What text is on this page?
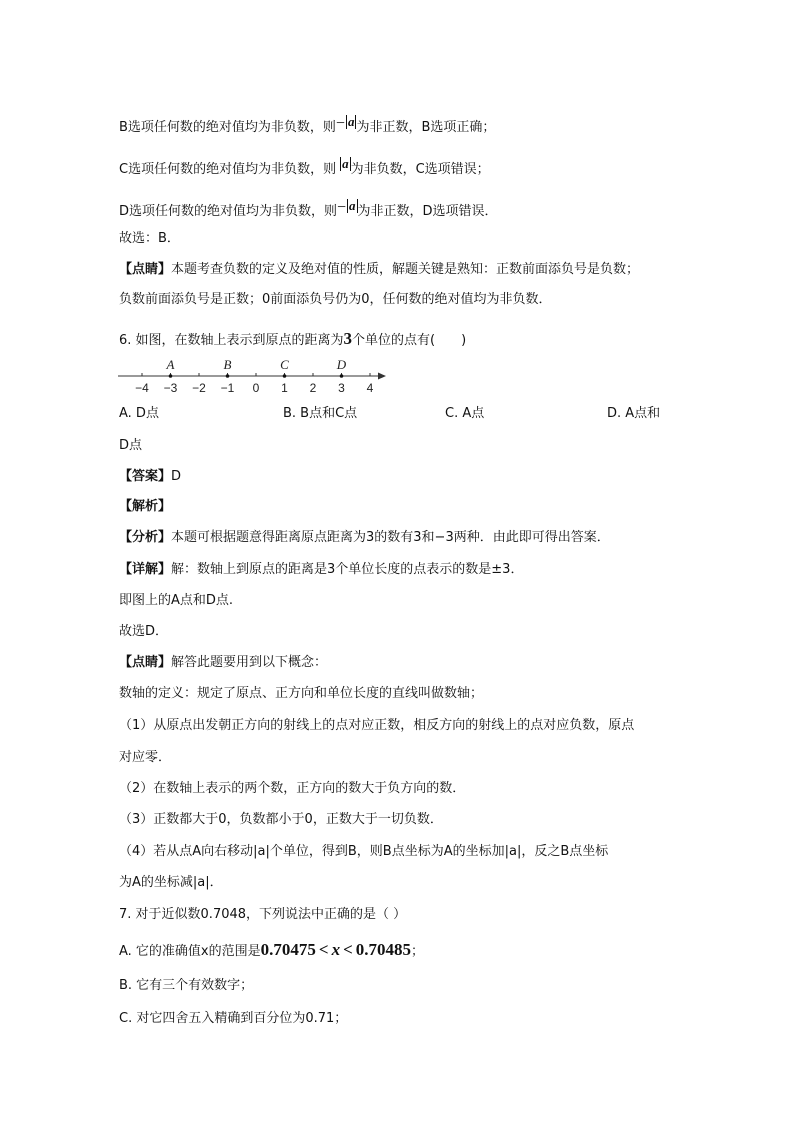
B选项任何数的绝对值均为非负数，则− a 为非正数，B选项正确；
C选项任何数的绝对值均为非负数，则 a 为非负数，C选项错误；
D选项任何数的绝对值均为非负数，则− a 为非正数，D选项错误．
故选：B．
【点睛】本题考查负数的定义及绝对值的性质，解题关键是熟知：正数前面添负号是负数；
负数前面添负号是正数；0前面添负号仍为0，任何数的绝对值均为非负数．
6. 如图，在数轴上表示到原点的距离为3个单位的点有(　　)
−4 −3 −2 −1 0 1 2 3 4
A	B	C	D
A. D点	B. B点和C点	C. A点	D. A点和
D点
【答案】D
【解析】
【分析】本题可根据题意得距离原点距离为3的数有3和−3两种．由此即可得出答案．
【详解】解：数轴上到原点的距离是3个单位长度的点表示的数是±3．
即图上的A点和D点.
故选D．
【点睛】解答此题要用到以下概念：
数轴的定义：规定了原点、正方向和单位长度的直线叫做数轴；
（1）从原点出发朝正方向的射线上的点对应正数，相反方向的射线上的点对应负数，原点
对应零．
（2）在数轴上表示的两个数，正方向的数大于负方向的数．
（3）正数都大于0，负数都小于0，正数大于一切负数．
（4）若从点A向右移动|a|个单位，得到B，则B点坐标为A的坐标加|a|，反之B点坐标
为A的坐标减|a|．
7. 对于近似数0.7048，下列说法中正确的是（ ）
A. 它的准确值x的范围是0.70475 < x < 0.70485；
B. 它有三个有效数字；
C. 对它四舍五入精确到百分位为0.71；
